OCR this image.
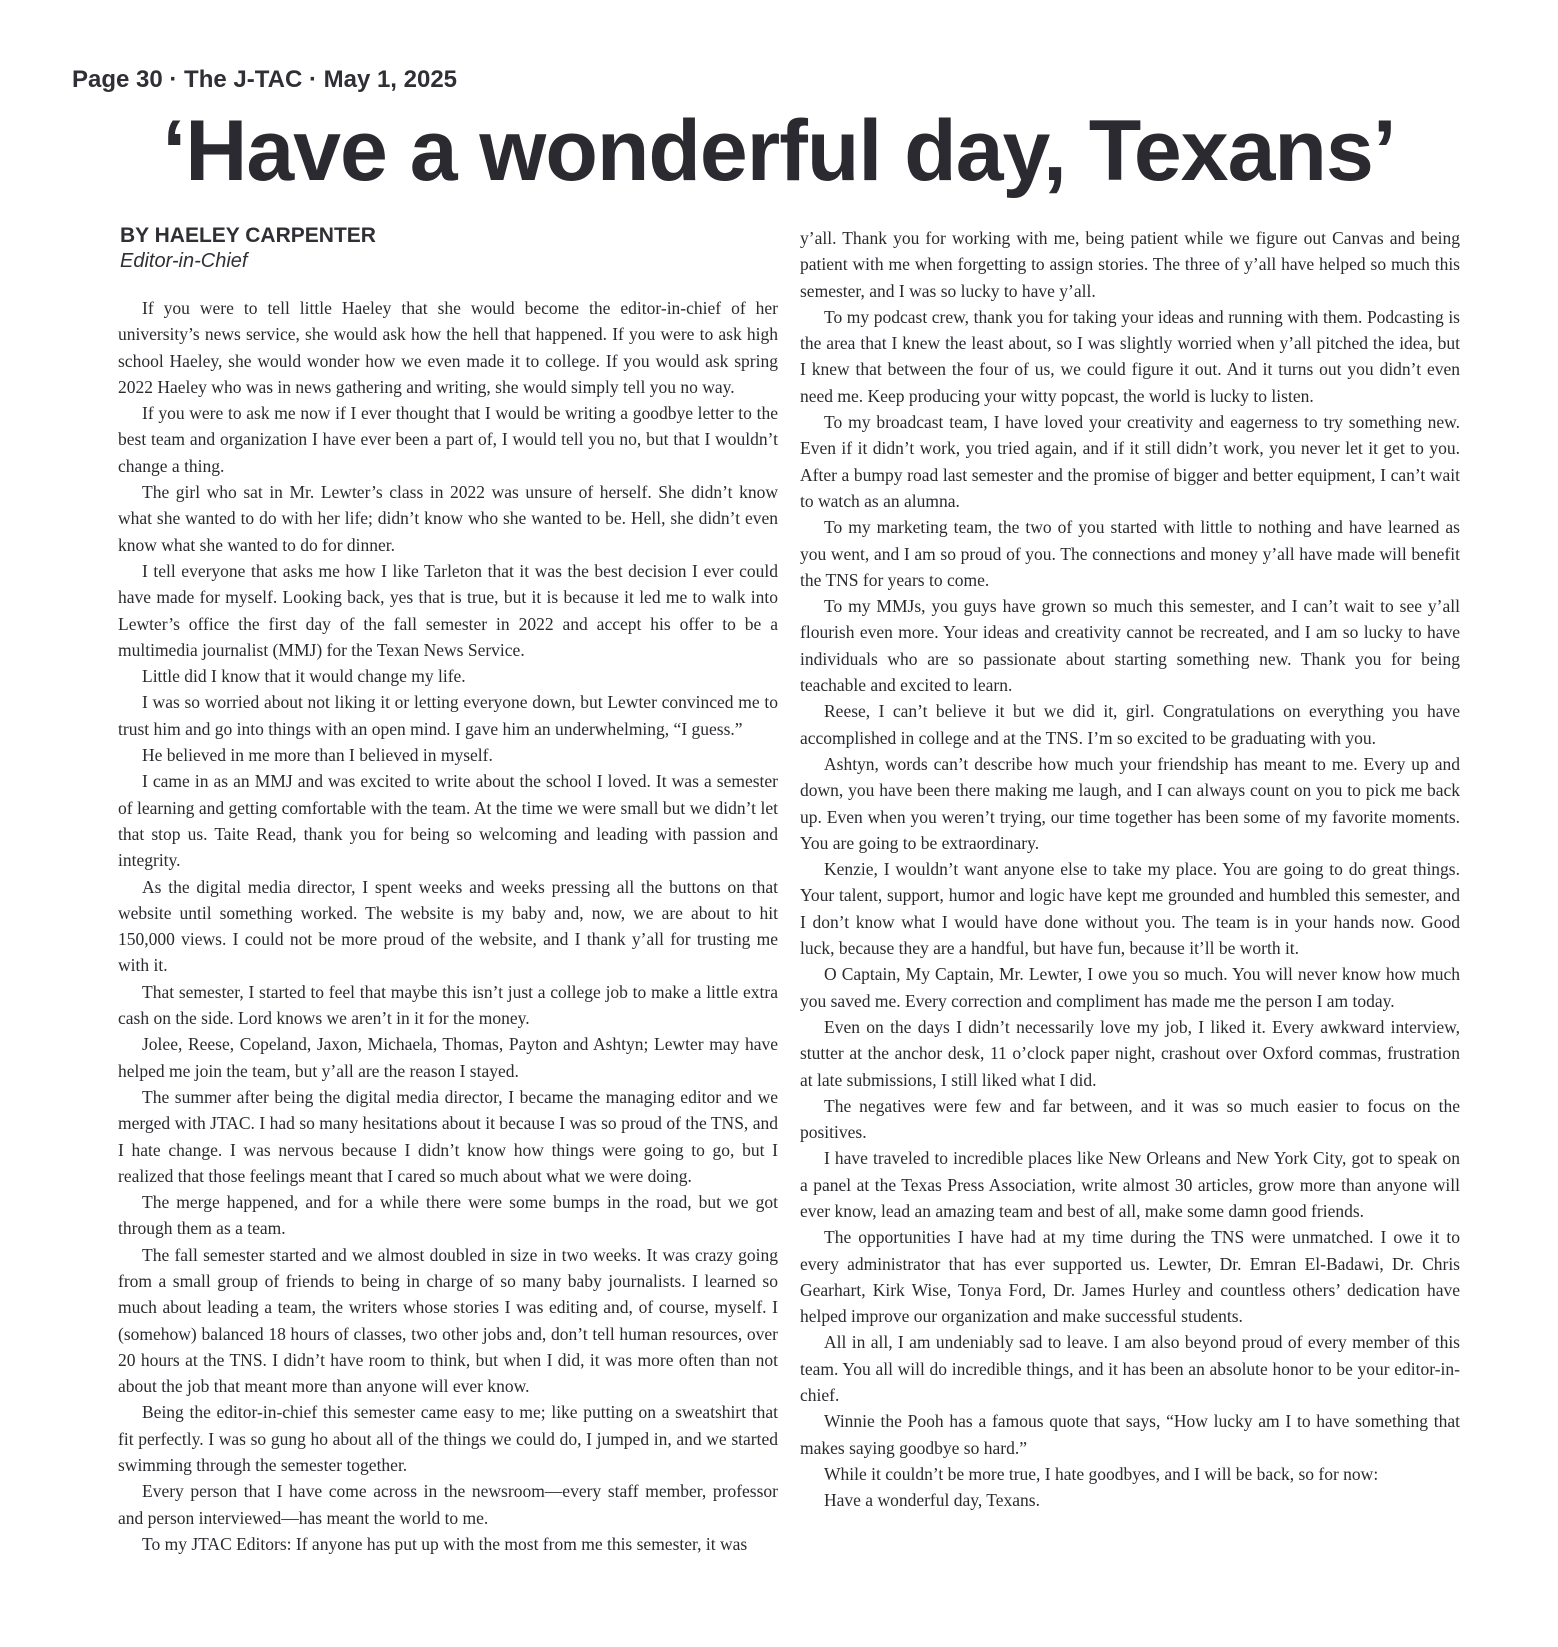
Page 30 · The J-TAC · May 1, 2025
‘Have a wonderful day, Texans’
BY HAELEY CARPENTER
Editor-in-Chief

If you were to tell little Haeley that she would become the editor-in-chief of her university’s news service, she would ask how the hell that happened. If you were to ask high school Haeley, she would wonder how we even made it to college. If you would ask spring 2022 Haeley who was in news gathering and writing, she would simply tell you no way.

If you were to ask me now if I ever thought that I would be writing a goodbye letter to the best team and organization I have ever been a part of, I would tell you no, but that I wouldn’t change a thing.

The girl who sat in Mr. Lewter’s class in 2022 was unsure of herself. She didn’t know what she wanted to do with her life; didn’t know who she wanted to be. Hell, she didn’t even know what she wanted to do for dinner.

I tell everyone that asks me how I like Tarleton that it was the best decision I ever could have made for myself. Looking back, yes that is true, but it is because it led me to walk into Lewter’s office the first day of the fall semester in 2022 and accept his offer to be a multimedia journalist (MMJ) for the Texan News Service.

Little did I know that it would change my life.

I was so worried about not liking it or letting everyone down, but Lewter convinced me to trust him and go into things with an open mind. I gave him an underwhelming, “I guess.”

He believed in me more than I believed in myself.

I came in as an MMJ and was excited to write about the school I loved. It was a semester of learning and getting comfortable with the team. At the time we were small but we didn’t let that stop us. Taite Read, thank you for being so welcoming and leading with passion and integrity.

As the digital media director, I spent weeks and weeks pressing all the buttons on that website until something worked. The website is my baby and, now, we are about to hit 150,000 views. I could not be more proud of the website, and I thank y’all for trusting me with it.

That semester, I started to feel that maybe this isn’t just a college job to make a little extra cash on the side. Lord knows we aren’t in it for the money.

Jolee, Reese, Copeland, Jaxon, Michaela, Thomas, Payton and Ashtyn; Lewter may have helped me join the team, but y’all are the reason I stayed.

The summer after being the digital media director, I became the managing editor and we merged with JTAC. I had so many hesitations about it because I was so proud of the TNS, and I hate change. I was nervous because I didn’t know how things were going to go, but I realized that those feelings meant that I cared so much about what we were doing.

The merge happened, and for a while there were some bumps in the road, but we got through them as a team.

The fall semester started and we almost doubled in size in two weeks. It was crazy going from a small group of friends to being in charge of so many baby journalists. I learned so much about leading a team, the writers whose stories I was editing and, of course, myself. I (somehow) balanced 18 hours of classes, two other jobs and, don’t tell human resources, over 20 hours at the TNS. I didn’t have room to think, but when I did, it was more often than not about the job that meant more than anyone will ever know.

Being the editor-in-chief this semester came easy to me; like putting on a sweatshirt that fit perfectly. I was so gung ho about all of the things we could do, I jumped in, and we started swimming through the semester together.

Every person that I have come across in the newsroom—every staff member, professor and person interviewed—has meant the world to me.

To my JTAC Editors: If anyone has put up with the most from me this semester, it was

y’all. Thank you for working with me, being patient while we figure out Canvas and being patient with me when forgetting to assign stories. The three of y’all have helped so much this semester, and I was so lucky to have y’all.

To my podcast crew, thank you for taking your ideas and running with them. Podcasting is the area that I knew the least about, so I was slightly worried when y’all pitched the idea, but I knew that between the four of us, we could figure it out. And it turns out you didn’t even need me. Keep producing your witty popcast, the world is lucky to listen.

To my broadcast team, I have loved your creativity and eagerness to try something new. Even if it didn’t work, you tried again, and if it still didn’t work, you never let it get to you. After a bumpy road last semester and the promise of bigger and better equipment, I can’t wait to watch as an alumna.

To my marketing team, the two of you started with little to nothing and have learned as you went, and I am so proud of you. The connections and money y’all have made will benefit the TNS for years to come.

To my MMJs, you guys have grown so much this semester, and I can’t wait to see y’all flourish even more. Your ideas and creativity cannot be recreated, and I am so lucky to have individuals who are so passionate about starting something new. Thank you for being teachable and excited to learn.

Reese, I can’t believe it but we did it, girl. Congratulations on everything you have accomplished in college and at the TNS. I’m so excited to be graduating with you.

Ashtyn, words can’t describe how much your friendship has meant to me. Every up and down, you have been there making me laugh, and I can always count on you to pick me back up. Even when you weren’t trying, our time together has been some of my favorite moments. You are going to be extraordinary.

Kenzie, I wouldn’t want anyone else to take my place. You are going to do great things. Your talent, support, humor and logic have kept me grounded and humbled this semester, and I don’t know what I would have done without you. The team is in your hands now. Good luck, because they are a handful, but have fun, because it’ll be worth it.

O Captain, My Captain, Mr. Lewter, I owe you so much. You will never know how much you saved me. Every correction and compliment has made me the person I am today.

Even on the days I didn’t necessarily love my job, I liked it. Every awkward interview, stutter at the anchor desk, 11 o’clock paper night, crashout over Oxford commas, frustration at late submissions, I still liked what I did.

The negatives were few and far between, and it was so much easier to focus on the positives.

I have traveled to incredible places like New Orleans and New York City, got to speak on a panel at the Texas Press Association, write almost 30 articles, grow more than anyone will ever know, lead an amazing team and best of all, make some damn good friends.

The opportunities I have had at my time during the TNS were unmatched. I owe it to every administrator that has ever supported us. Lewter, Dr. Emran El-Badawi, Dr. Chris Gearhart, Kirk Wise, Tonya Ford, Dr. James Hurley and countless others’ dedication have helped improve our organization and make successful students.

All in all, I am undeniably sad to leave. I am also beyond proud of every member of this team. You all will do incredible things, and it has been an absolute honor to be your editor-in-chief.

Winnie the Pooh has a famous quote that says, “How lucky am I to have something that makes saying goodbye so hard.”

While it couldn’t be more true, I hate goodbyes, and I will be back, so for now:

Have a wonderful day, Texans.
